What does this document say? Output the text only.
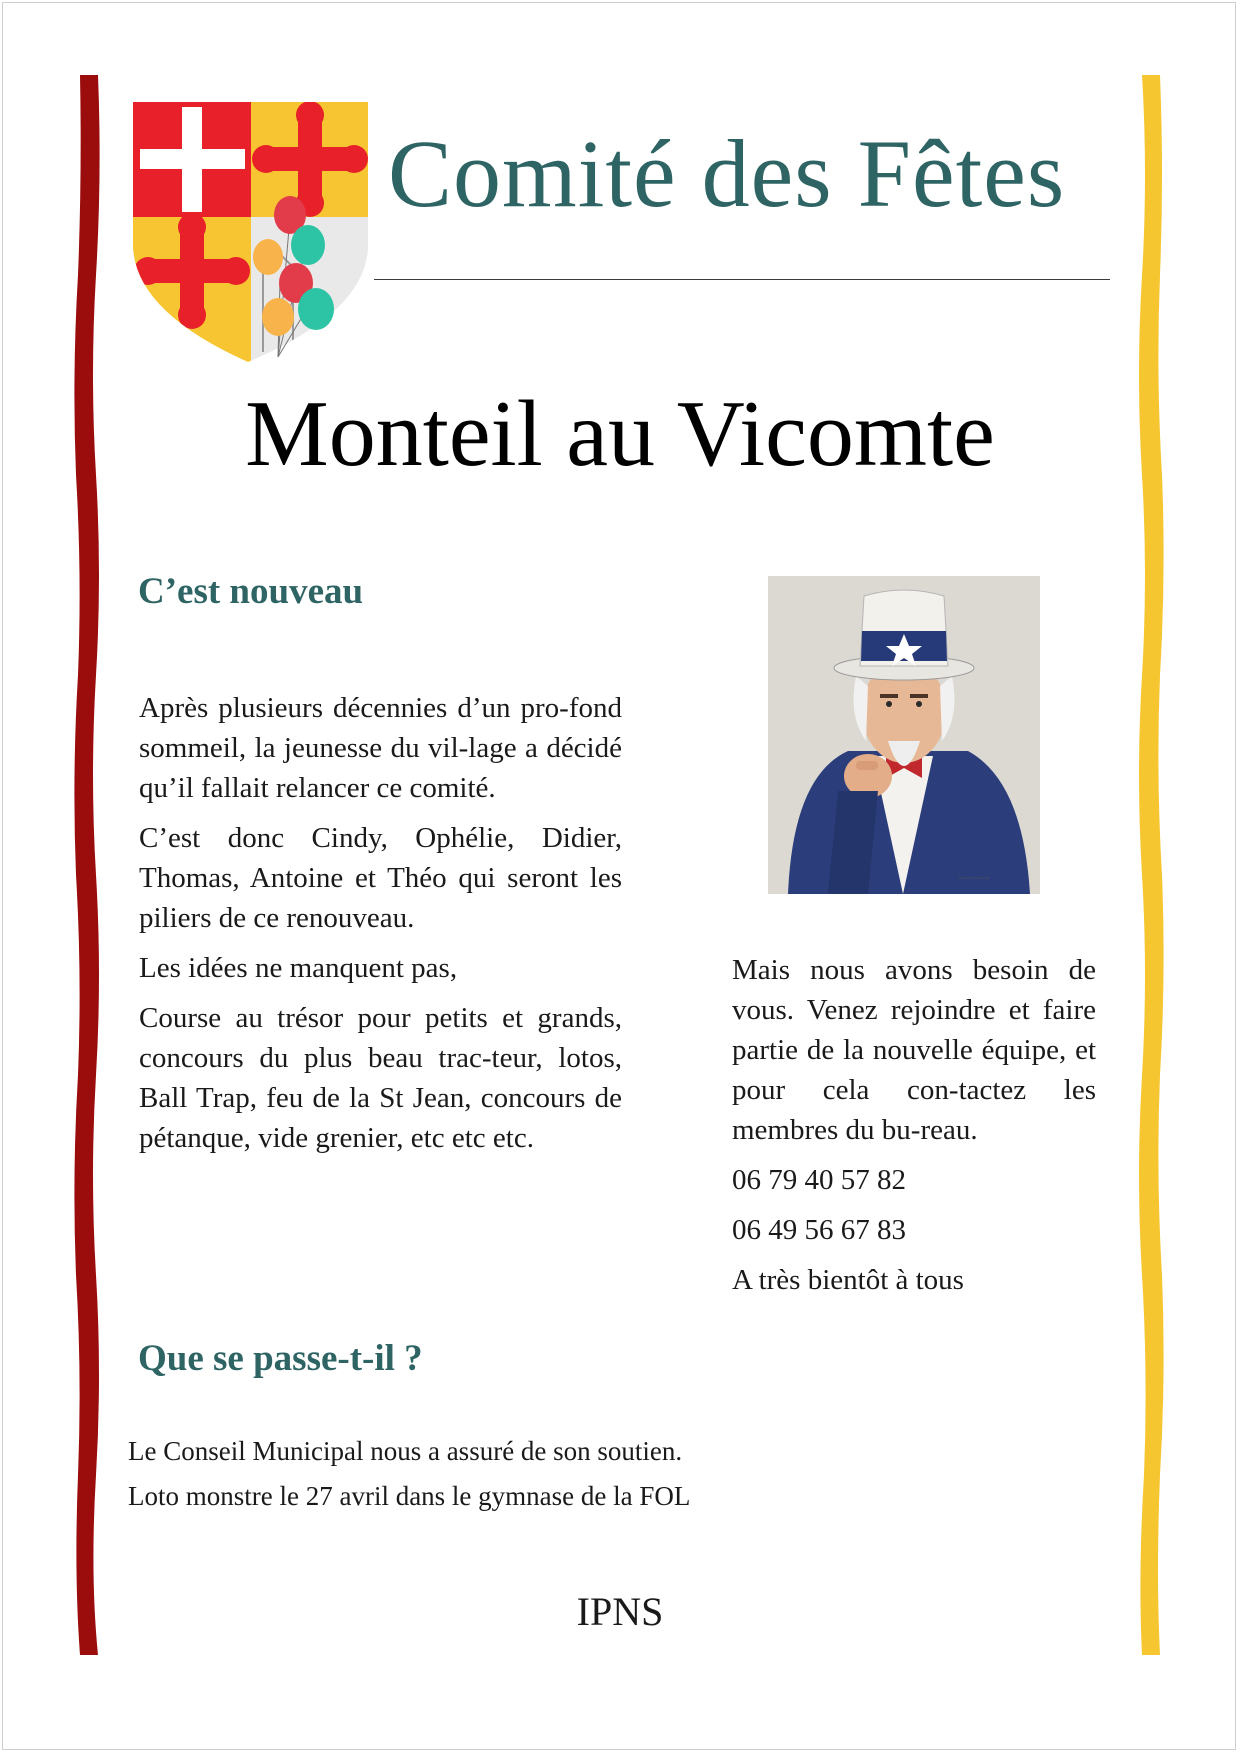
Comité des Fêtes
Monteil au Vicomte
C’est nouveau

Après plusieurs décennies d’un pro-fond sommeil, la jeunesse du vil-lage a décidé qu’il fallait relancer ce comité.

C’est donc Cindy, Ophélie, Didier, Thomas, Antoine et Théo qui seront les piliers de ce renouveau.

Les idées ne manquent pas,

Course au trésor pour petits et grands, concours du plus beau trac-teur, lotos, Ball Trap, feu de la St Jean, concours de pétanque, vide grenier, etc etc etc.

~~~~~~

Mais nous avons besoin de vous. Venez rejoindre et faire partie de la nouvelle équipe, et pour cela con-tactez les membres du bu-reau.

06 79 40 57 82

06 49 56 67 83

A très bientôt à tous

Que se passe-t-il ?

Le Conseil Municipal nous a assuré de son soutien.

Loto monstre le 27 avril dans le gymnase de la FOL

IPNS
